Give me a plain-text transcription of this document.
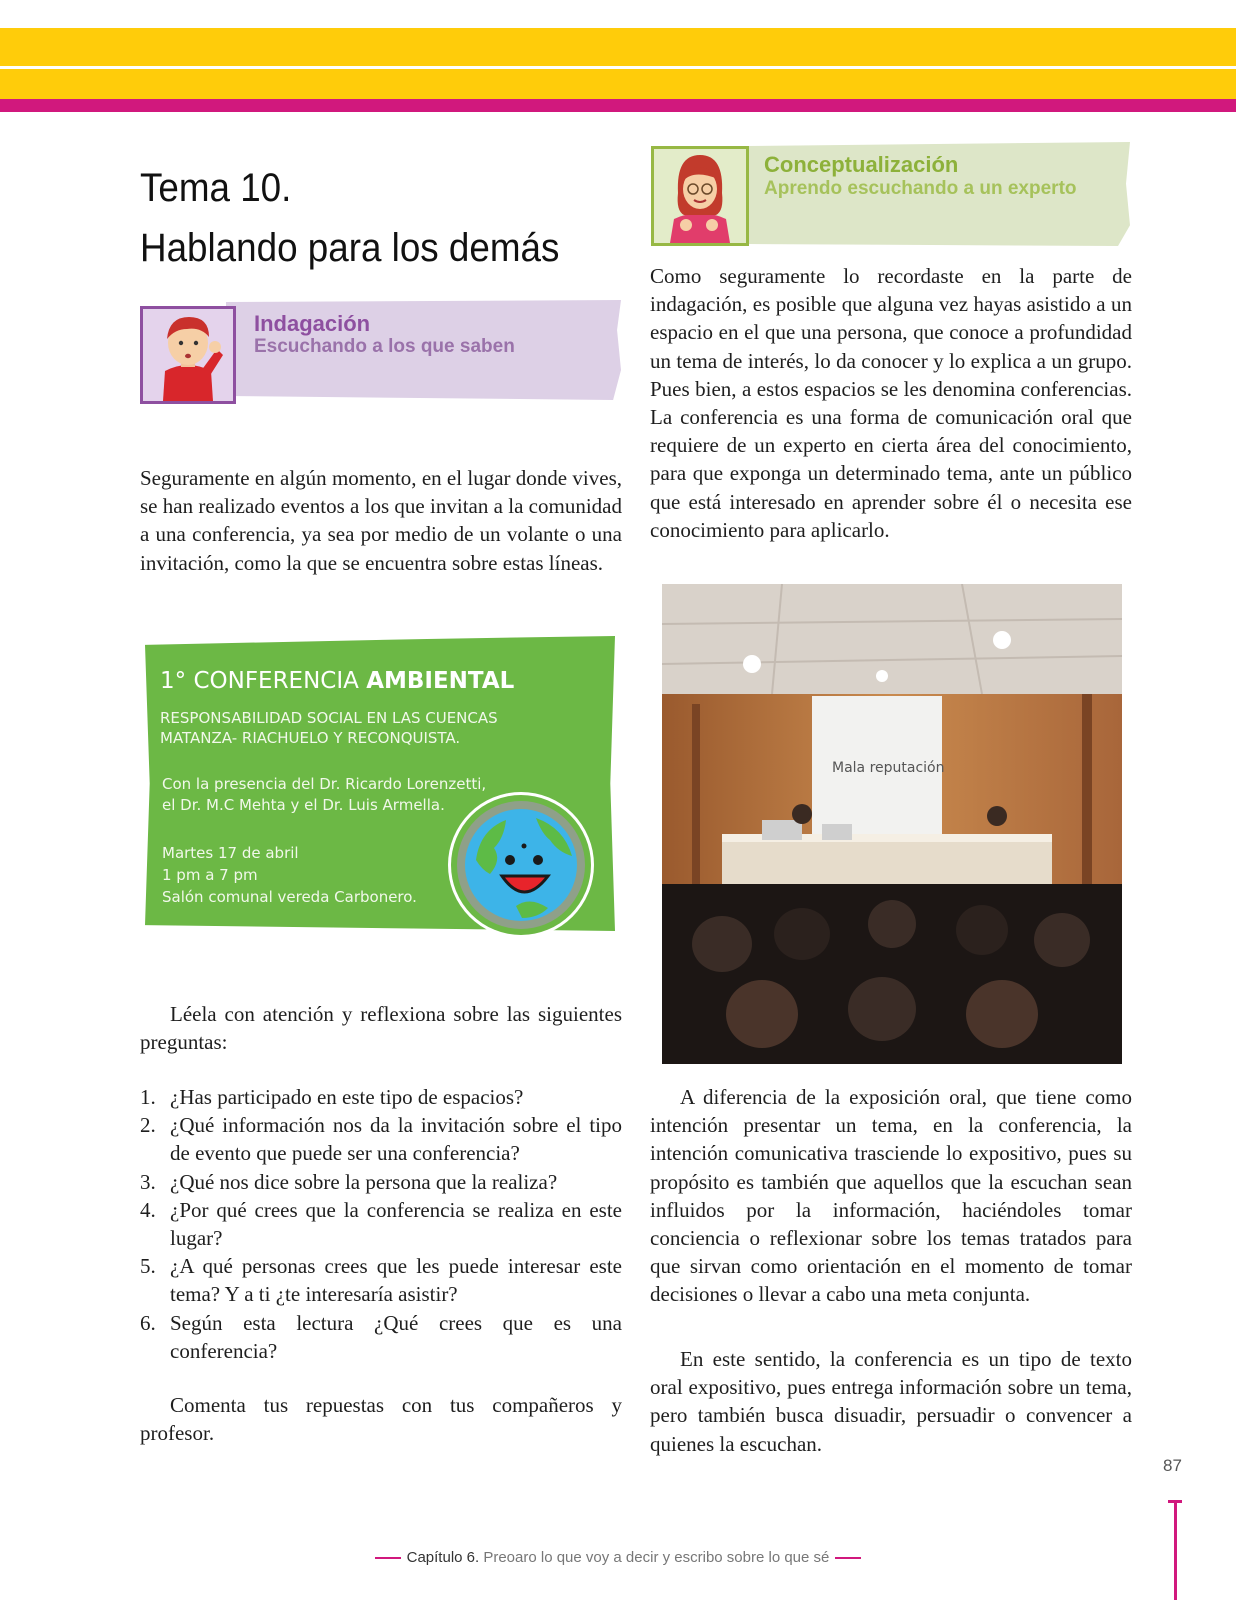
Tema 10.
Hablando para los demás
Indagación
Escuchando a los que saben
Conceptualización
Aprendo escuchando a un experto
Como seguramente lo recordaste en la parte de indagación, es posible que alguna vez hayas asistido a un espacio en el que una persona, que conoce a profundidad un tema de interés, lo da conocer y lo explica a un grupo. Pues bien, a estos espacios se les denomina conferencias. La conferencia es una forma de comunicación oral que requiere de un experto en cierta área del conocimiento, para que exponga un determinado tema, ante un público que está interesado en aprender sobre él o necesita ese conocimiento para aplicarlo.
Seguramente en algún momento, en el lugar donde vives, se han realizado eventos a los que invitan a la comunidad a una conferencia, ya sea por medio de un volante o una invitación, como la que se encuentra sobre estas líneas.
1° CONFERENCIA AMBIENTAL
RESPONSABILIDAD SOCIAL EN LAS CUENCAS
MATANZA- RIACHUELO Y RECONQUISTA.
Con la presencia del Dr. Ricardo Lorenzetti,
el Dr. M.C Mehta y el Dr. Luis Armella.
Martes 17 de abril
1 pm a 7 pm
Salón comunal vereda Carbonero.
Mala reputación
Léela con atención y reflexiona sobre las siguientes preguntas:
1. ¿Has participado en este tipo de espacios?
2. ¿Qué información nos da la invitación sobre el tipo de evento que puede ser una conferencia?
3. ¿Qué nos dice sobre la persona que la realiza?
4. ¿Por qué crees que la conferencia se realiza en este lugar?
5. ¿A qué personas crees que les puede interesar este tema? Y a ti ¿te interesaría asistir?
6. Según esta lectura ¿Qué crees que es una conferencia?
Comenta tus repuestas con tus compañeros y profesor.
A diferencia de la exposición oral, que tiene como intención presentar un tema, en la conferencia, la intención comunicativa trasciende lo expositivo, pues su propósito es también que aquellos que la escuchan sean influidos por la información, haciéndoles tomar conciencia o reflexionar sobre los temas tratados para que sirvan como orientación en el momento de tomar decisiones o llevar a cabo una meta conjunta.
En este sentido, la conferencia es un tipo de texto oral expositivo, pues entrega información sobre un tema, pero también busca disuadir, persuadir o convencer a quienes la escuchan.
87
Capítulo 6. Preoaro lo que voy a decir y escribo sobre lo que sé
